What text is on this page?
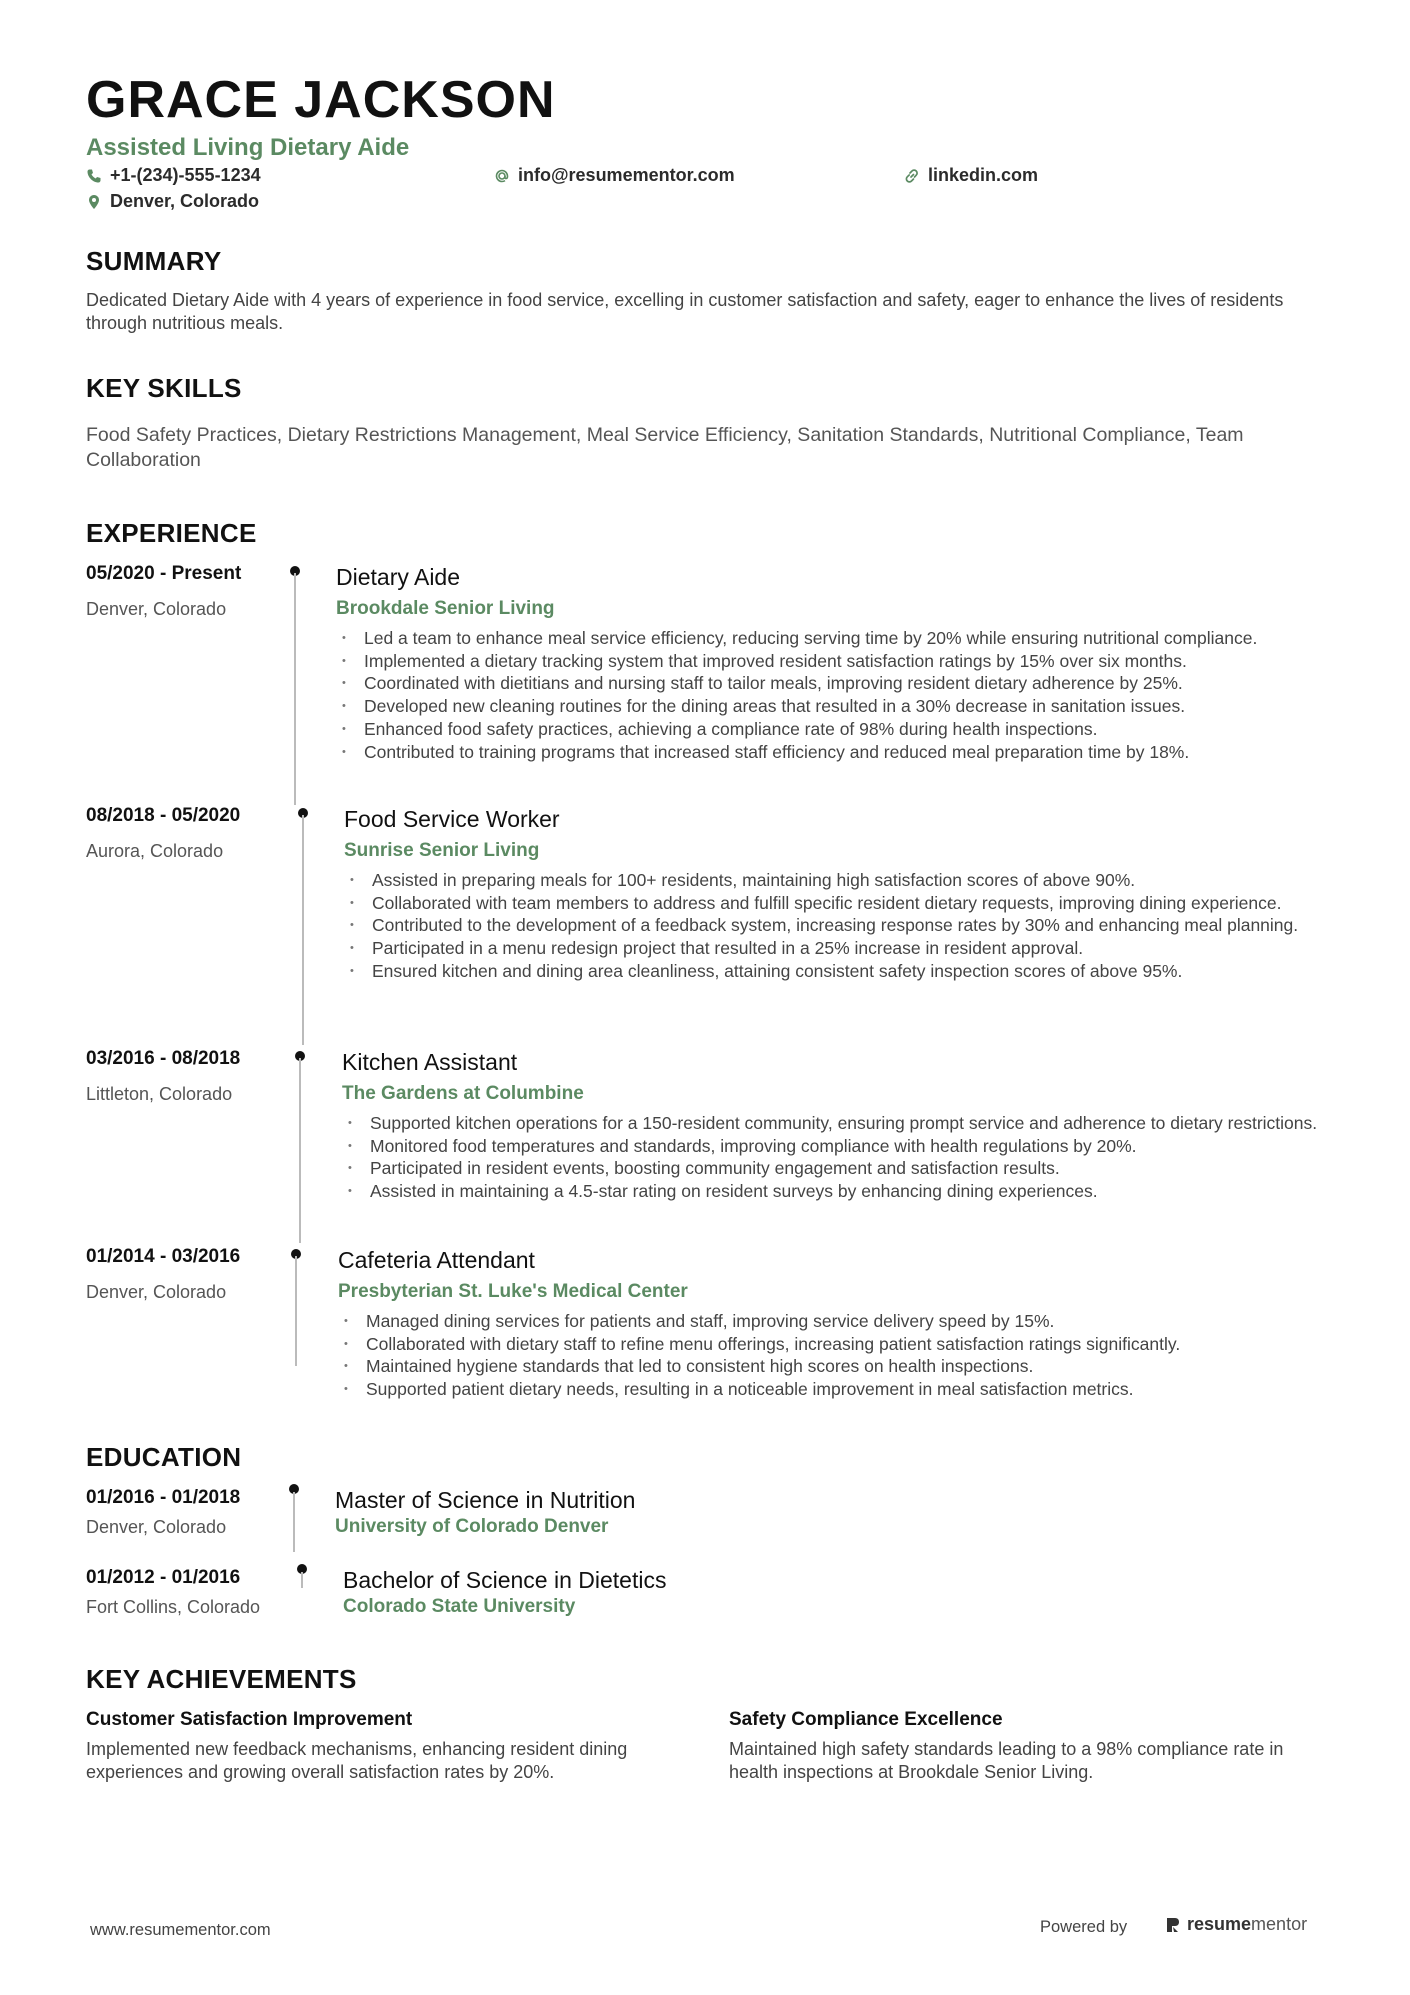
GRACE JACKSON
Assisted Living Dietary Aide
+1-(234)-555-1234	info@resumementor.com	linkedin.com
Denver, Colorado
SUMMARY
Dedicated Dietary Aide with 4 years of experience in food service, excelling in customer satisfaction and safety, eager to enhance the lives of residents through nutritious meals.
KEY SKILLS
Food Safety Practices, Dietary Restrictions Management, Meal Service Efficiency, Sanitation Standards, Nutritional Compliance, Team Collaboration
EXPERIENCE
05/2020 - Present
Denver, Colorado
Dietary Aide
Brookdale Senior Living
• Led a team to enhance meal service efficiency, reducing serving time by 20% while ensuring nutritional compliance.
• Implemented a dietary tracking system that improved resident satisfaction ratings by 15% over six months.
• Coordinated with dietitians and nursing staff to tailor meals, improving resident dietary adherence by 25%.
• Developed new cleaning routines for the dining areas that resulted in a 30% decrease in sanitation issues.
• Enhanced food safety practices, achieving a compliance rate of 98% during health inspections.
• Contributed to training programs that increased staff efficiency and reduced meal preparation time by 18%.
08/2018 - 05/2020
Aurora, Colorado
Food Service Worker
Sunrise Senior Living
• Assisted in preparing meals for 100+ residents, maintaining high satisfaction scores of above 90%.
• Collaborated with team members to address and fulfill specific resident dietary requests, improving dining experience.
• Contributed to the development of a feedback system, increasing response rates by 30% and enhancing meal planning.
• Participated in a menu redesign project that resulted in a 25% increase in resident approval.
• Ensured kitchen and dining area cleanliness, attaining consistent safety inspection scores of above 95%.
03/2016 - 08/2018
Littleton, Colorado
Kitchen Assistant
The Gardens at Columbine
• Supported kitchen operations for a 150-resident community, ensuring prompt service and adherence to dietary restrictions.
• Monitored food temperatures and standards, improving compliance with health regulations by 20%.
• Participated in resident events, boosting community engagement and satisfaction results.
• Assisted in maintaining a 4.5-star rating on resident surveys by enhancing dining experiences.
01/2014 - 03/2016
Denver, Colorado
Cafeteria Attendant
Presbyterian St. Luke's Medical Center
• Managed dining services for patients and staff, improving service delivery speed by 15%.
• Collaborated with dietary staff to refine menu offerings, increasing patient satisfaction ratings significantly.
• Maintained hygiene standards that led to consistent high scores on health inspections.
• Supported patient dietary needs, resulting in a noticeable improvement in meal satisfaction metrics.
EDUCATION
01/2016 - 01/2018
Denver, Colorado
Master of Science in Nutrition
University of Colorado Denver
01/2012 - 01/2016
Fort Collins, Colorado
Bachelor of Science in Dietetics
Colorado State University
KEY ACHIEVEMENTS
Customer Satisfaction Improvement
Implemented new feedback mechanisms, enhancing resident dining experiences and growing overall satisfaction rates by 20%.
Safety Compliance Excellence
Maintained high safety standards leading to a 98% compliance rate in health inspections at Brookdale Senior Living.
www.resumementor.com	Powered by	resumementor
